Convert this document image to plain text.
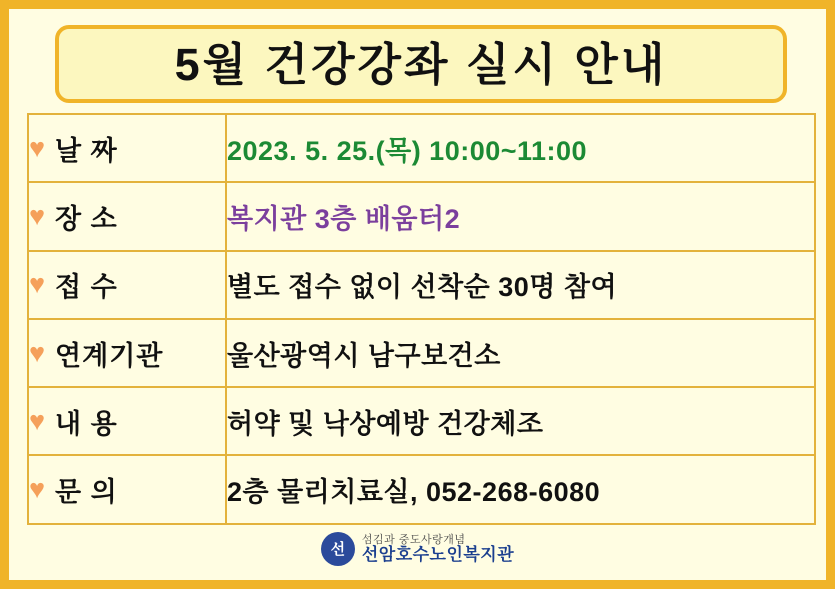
5월 건강강좌 실시 안내
♥ 날 짜	2023. 5. 25.(목) 10:00~11:00

♥ 장 소	복지관 3층 배움터2

♥ 접 수	별도 접수 없이 선착순 30명 참여

♥ 연계기관	울산광역시 남구보건소

♥ 내 용	허약 및 낙상예방 건강체조

♥ 문 의	2층 물리치료실, 052-268-6080
선
섬김과 중도사랑개념
선암호수노인복지관
